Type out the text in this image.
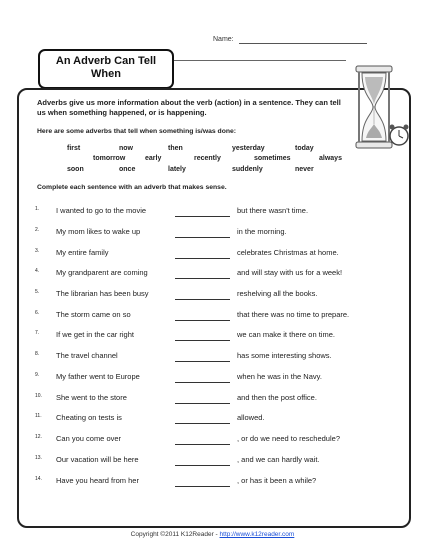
Name:
An Adverb Can Tell
When
Adverbs give us more information about the verb (action) in a sentence. They can tell us when something happened, or is happening.
Here are some adverbs that tell when something is/was done:
first	now	then	yesterday	today
tomorrow	early	recently	sometimes	always
soon	once	lately	suddenly	never
Complete each sentence with an adverb that makes sense.
1. I wanted to go to the movie	but there wasn't time.
2. My mom likes to wake up	in the morning.
3. My entire family	celebrates Christmas at home.
4. My grandparent are coming	and will stay with us for a week!
5. The librarian has been busy	reshelving all the books.
6. The storm came on so	that there was no time to prepare.
7. If we get in the car right	we can make it there on time.
8. The travel channel	has some interesting shows.
9. My father went to Europe	when he was in the Navy.
10. She went to the store	and then the post office.
11. Cheating on tests is	allowed.
12. Can you come over	, or do we need to reschedule?
13. Our vacation will be here	, and we can hardly wait.
14. Have you heard from her	, or has it been a while?
Copyright ©2011 K12Reader - http://www.k12reader.com
